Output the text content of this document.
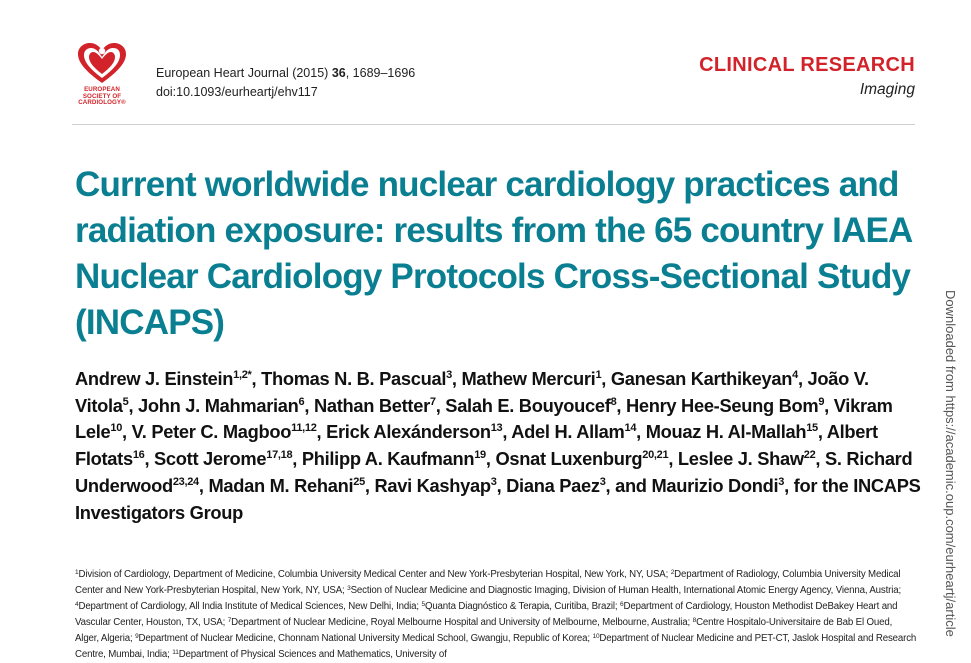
EUROPEAN
SOCIETY OF
CARDIOLOGY®
European Heart Journal (2015) 36, 1689–1696
doi:10.1093/eurheartj/ehv117
CLINICAL RESEARCH
Imaging
Current worldwide nuclear cardiology practices and radiation exposure: results from the 65 country IAEA Nuclear Cardiology Protocols Cross-Sectional Study (INCAPS)

Andrew J. Einstein$^{1,2*}$, Thomas N. B. Pascual$^3$, Mathew Mercuri$^1$, Ganesan Karthikeyan$^4$, João V. Vitola$^5$, John J. Mahmarian$^6$, Nathan Better$^7$, Salah E. Bouyoucef$^8$, Henry Hee-Seung Bom$^9$, Vikram Lele$^{10}$, V. Peter C. Magboo$^{11,12}$, Erick Alexánderson$^{13}$, Adel H. Allam$^{14}$, Mouaz H. Al-Mallah$^{15}$, Albert Flotats$^{16}$, Scott Jerome$^{17,18}$, Philipp A. Kaufmann$^{19}$, Osnat Luxenburg$^{20,21}$, Leslee J. Shaw$^{22}$, S. Richard Underwood$^{23,24}$, Madan M. Rehani$^{25}$, Ravi Kashyap$^3$, Diana Paez$^3$, and Maurizio Dondi$^3$, for the INCAPS Investigators Group

$^1$Division of Cardiology, Department of Medicine, Columbia University Medical Center and New York-Presbyterian Hospital, New York, NY, USA; $^2$Department of Radiology, Columbia University Medical Center and New York-Presbyterian Hospital, New York, NY, USA; $^3$Section of Nuclear Medicine and Diagnostic Imaging, Division of Human Health, International Atomic Energy Agency, Vienna, Austria; $^4$Department of Cardiology, All India Institute of Medical Sciences, New Delhi, India; $^5$Quanta Diagnóstico & Terapia, Curitiba, Brazil; $^6$Department of Cardiology, Houston Methodist DeBakey Heart and Vascular Center, Houston, TX, USA; $^7$Department of Nuclear Medicine, Royal Melbourne Hospital and University of Melbourne, Melbourne, Australia; $^8$Centre Hospitalo-Universitaire de Bab El Oued, Alger, Algeria; $^9$Department of Nuclear Medicine, Chonnam National University Medical School, Gwangju, Republic of Korea; $^{10}$Department of Nuclear Medicine and PET-CT, Jaslok Hospital and Research Centre, Mumbai, India; $^{11}$Department of Physical Sciences and Mathematics, University of

Downloaded from https://academic.oup.com/eurheartj/article
